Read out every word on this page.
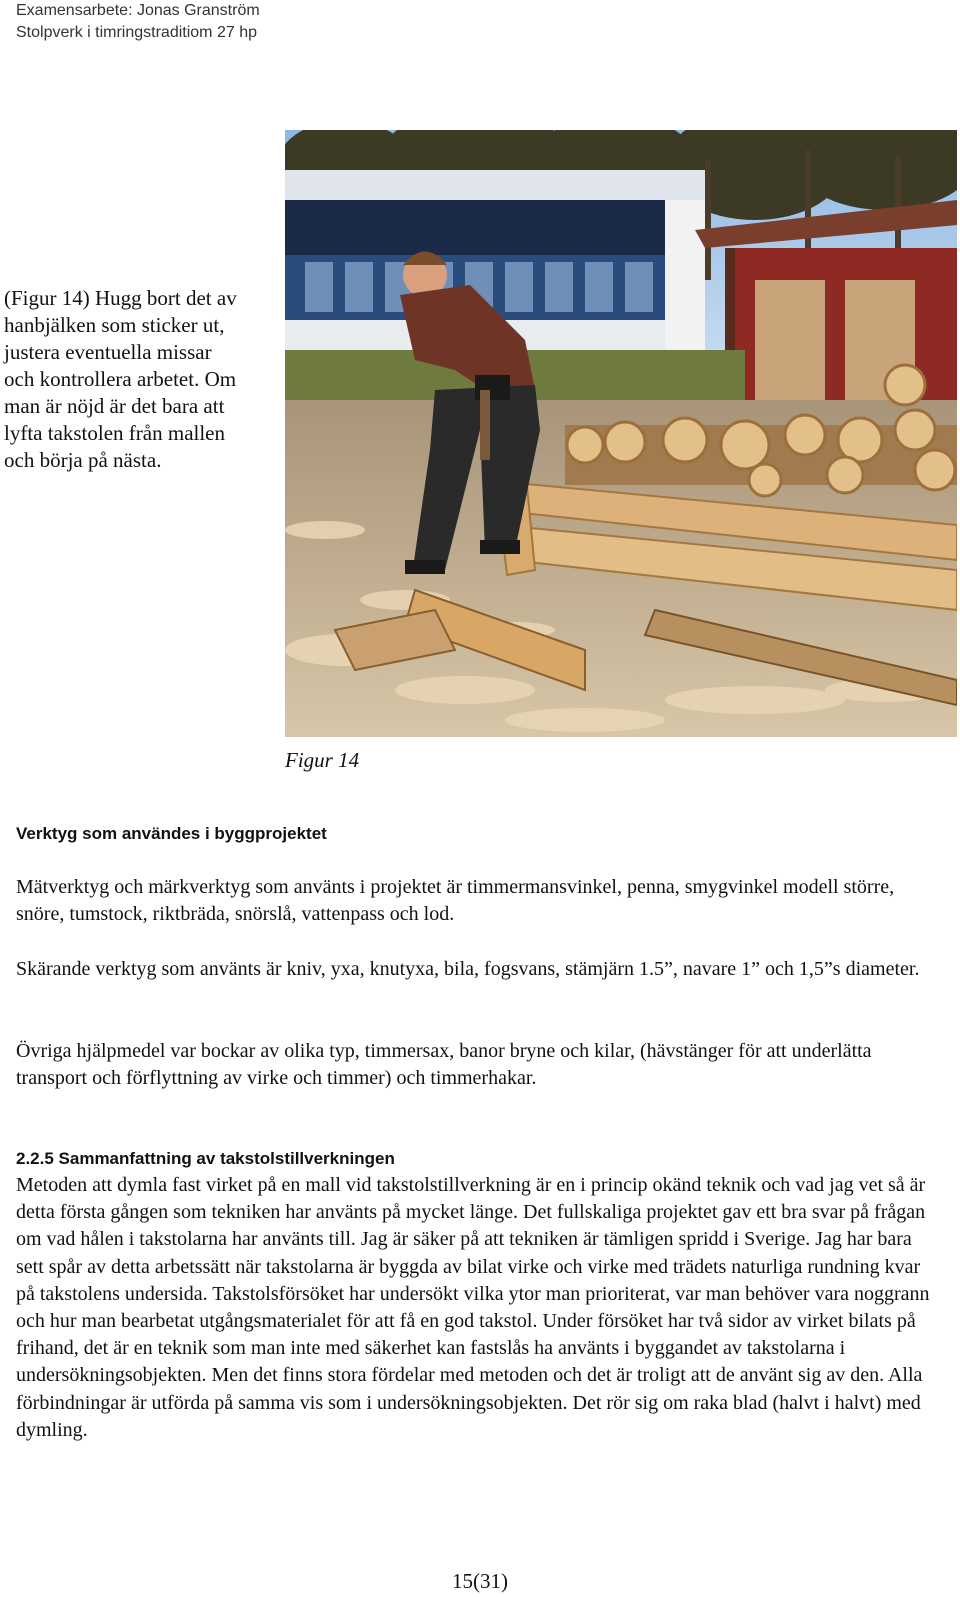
Examensarbete: Jonas Granström
Stolpverk i timringstraditiom 27 hp
(Figur 14) Hugg bort det av hanbjälken som sticker ut, justera eventuella missar och kontrollera arbetet. Om man är nöjd är det bara att lyfta takstolen från mallen och börja på nästa.
Figur 14
Verktyg som användes i byggprojektet
Mätverktyg och märkverktyg som använts i projektet är timmermansvinkel, penna, smygvinkel modell större, snöre, tumstock, riktbräda, snörslå, vattenpass och lod.
Skärande verktyg som använts är kniv, yxa, knutyxa, bila, fogsvans, stämjärn 1.5”, navare 1” och 1,5”s diameter.
Övriga hjälpmedel var bockar av olika typ, timmersax, banor bryne och kilar, (hävstänger för att underlätta transport och förflyttning av virke och timmer) och timmerhakar.
2.2.5 Sammanfattning av takstolstillverkningen
Metoden att dymla fast virket på en mall vid takstolstillverkning är en i princip okänd teknik och vad jag vet så är detta första gången som tekniken har använts på mycket länge. Det fullskaliga projektet gav ett bra svar på frågan om vad hålen i takstolarna har använts till. Jag är säker på att tekniken är tämligen spridd i Sverige. Jag har bara sett spår av detta arbetssätt när takstolarna är byggda av bilat virke och virke med trädets naturliga rundning kvar på takstolens undersida. Takstolsförsöket har undersökt vilka ytor man prioriterat, var man behöver vara noggrann och hur man bearbetat utgångsmaterialet för att få en god takstol. Under försöket har två sidor av virket bilats på frihand, det är en teknik som man inte med säkerhet kan fastslås ha använts i byggandet av takstolarna i undersökningsobjekten. Men det finns stora fördelar med metoden och det är troligt att de använt sig av den. Alla förbindningar är utförda på samma vis som i undersökningsobjekten. Det rör sig om raka blad (halvt i halvt) med dymling.
15(31)
